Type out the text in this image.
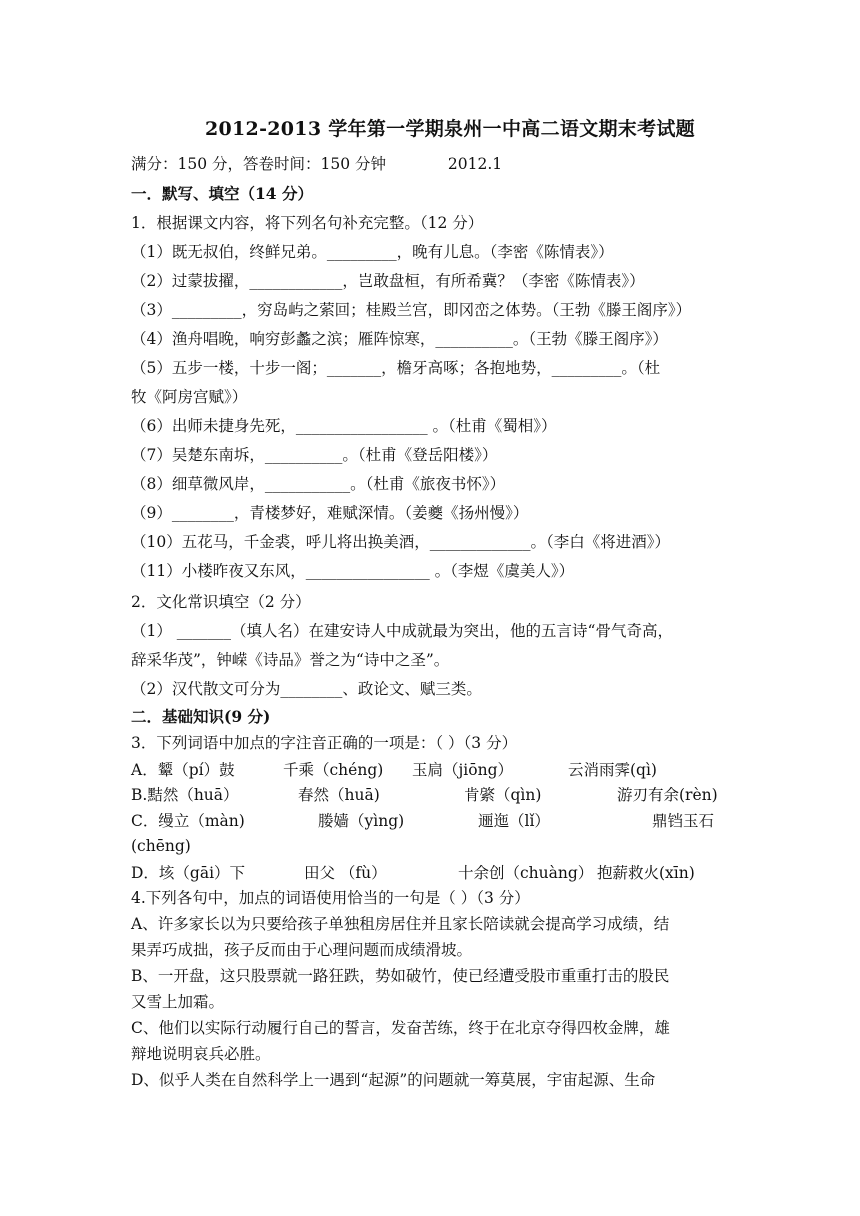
2012-2013 学年第一学期泉州一中高二语文期末考试题
满分：150 分，答卷时间：150 分钟	2012.1
一．默写、填空（14 分）
1．根据课文内容，将下列名句补充完整。（12 分）
（1）既无叔伯，终鲜兄弟。_________，晚有儿息。（李密《陈情表》）
（2）过蒙拔擢，____________，岂敢盘桓，有所希冀？（李密《陈情表》）
（3）_________，穷岛屿之萦回；桂殿兰宫，即冈峦之体势。（王勃《滕王阁序》）
（4）渔舟唱晚，响穷彭蠡之滨；雁阵惊寒，__________。（王勃《滕王阁序》）
（5）五步一楼，十步一阁；_______，檐牙高啄；各抱地势，_________。（杜
牧《阿房宫赋》）
（6）出师未捷身先死，_________________ 。（杜甫《蜀相》）
（7）吴楚东南坼，__________。（杜甫《登岳阳楼》）
（8）细草微风岸，___________。（杜甫《旅夜书怀》）
（9）________，青楼梦好，难赋深情。（姜夔《扬州慢》）
（10）五花马，千金裘，呼儿将出换美酒，_____________。（李白《将进酒》）
（11）小楼昨夜又东风，________________ 。（李煜《虞美人》）
2．文化常识填空（2 分）
（1） _______（填人名）在建安诗人中成就最为突出，他的五言诗“骨气奇高，
辞采华茂”，钟嵘《诗品》誉之为“诗中之圣”。
（2）汉代散文可分为________、政论文、赋三类。
二．基础知识(9 分)
3．下列词语中加点的字注音正确的一项是：（ ）（3 分）
A．颦（pí）鼓	千乘（chéng) 玉扃（jiōng）	云消雨霁(qì)
B.黠然（huā）	春然（huā)	肯綮（qìn)	游刃有余(rèn)
C．缦立（màn)	媵嫱（yìng)	逦迤（lǐ）	鼎铛玉石
(chēng)
D．垓（gāi）下	田父 （fù）	十余创（chuàng） 抱薪救火(xīn)
4.下列各句中，加点的词语使用恰当的一句是（ ）（3 分）
A、许多家长以为只要给孩子单独租房居住并且家长陪读就会提高学习成绩，结
果弄巧成拙，孩子反而由于心理问题而成绩滑坡。
B、一开盘，这只股票就一路狂跌，势如破竹，使已经遭受股市重重打击的股民
又雪上加霜。
C、他们以实际行动履行自己的誓言，发奋苦练，终于在北京夺得四枚金牌，雄
辩地说明哀兵必胜。
D、似乎人类在自然科学上一遇到“起源”的问题就一筹莫展，宇宙起源、生命
